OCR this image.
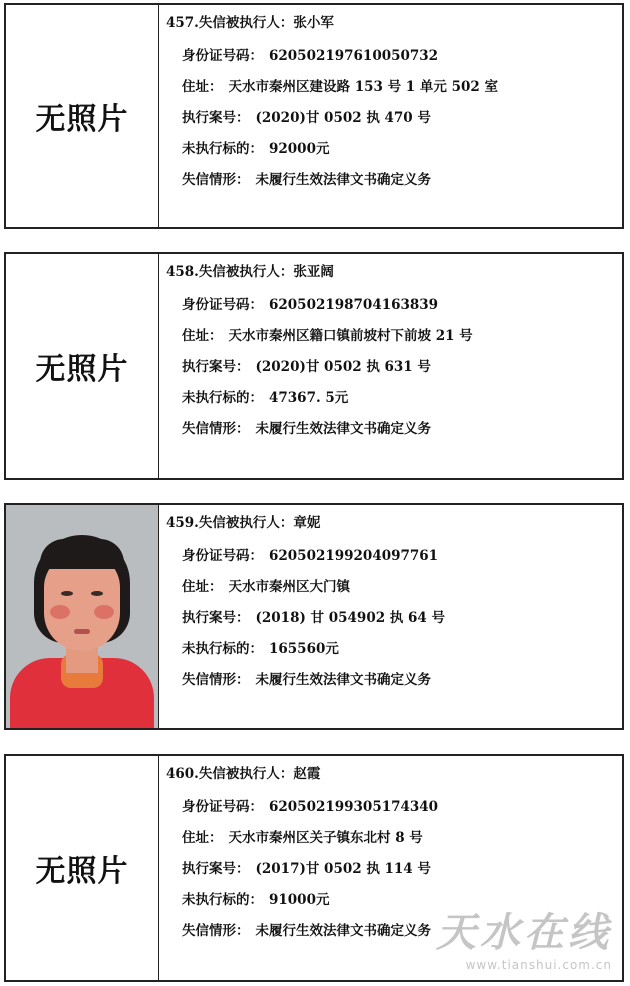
无照片
457.失信被执行人：张小军
身份证号码： 620502197610050732
住址： 天水市秦州区建设路 153 号 1 单元 502 室
执行案号： (2020)甘 0502 执 470 号
未执行标的： 92000元
失信情形： 未履行生效法律文书确定义务
无照片
458.失信被执行人：张亚阔
身份证号码： 620502198704163839
住址： 天水市秦州区籍口镇前坡村下前坡 21 号
执行案号： (2020)甘 0502 执 631 号
未执行标的： 47367. 5元
失信情形： 未履行生效法律文书确定义务
459.失信被执行人：章妮
身份证号码： 620502199204097761
住址： 天水市秦州区大门镇
执行案号： (2018) 甘 054902 执 64 号
未执行标的： 165560元
失信情形： 未履行生效法律文书确定义务
无照片
460.失信被执行人：赵霞
身份证号码： 620502199305174340
住址： 天水市秦州区关子镇东北村 8 号
执行案号： (2017)甘 0502 执 114 号
未执行标的： 91000元
失信情形： 未履行生效法律文书确定义务 天水在线
www.tianshui.com.cn
